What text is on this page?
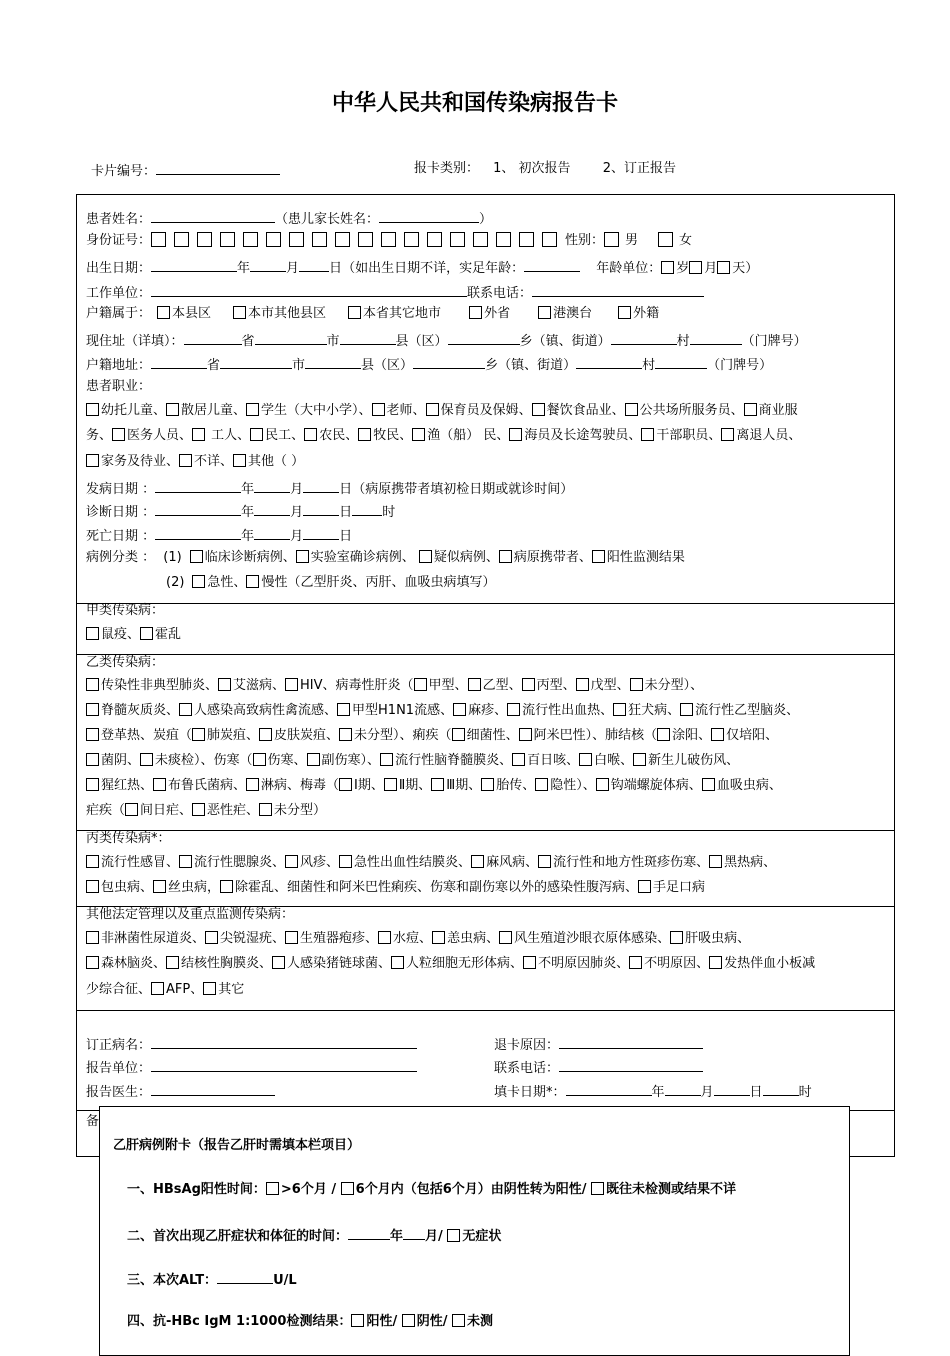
中华人民共和国传染病报告卡
卡片编号：	报卡类别： 1、 初次报告 2、订正报告
患者姓名：	（患儿家长姓名：	）
身份证号：	性别： 男	女
出生日期：	年	月 日（如出生日期不详，实足年龄：	年龄单位： 岁 月 天）
工作单位：	联系电话：
户籍属于： 本县区	本市其他县区	本省其它地市	外省	港澳台	外籍
现住址（详填）：	省	市	县（区）	乡（镇、街道）	村	（门牌号）
户籍地址：	省	市	县（区）	乡（镇、街道）	村	（门牌号）
患者职业：
幼托儿童、 散居儿童、 学生（大中小学）、 老师、 保育员及保姆、 餐饮食品业、 公共场所服务员、 商业服
务、 医务人员、 工人、 民工、 农民、 牧民、 渔（船） 民、 海员及长途驾驶员、 干部职员、 离退人员、
家务及待业、 不详、 其他（ ）
发病日期 ：	年	月	日（病原携带者填初检日期或就诊时间）
诊断日期 ：	年	月	日 时
死亡日期 ：	年	月	日
病例分类 ： (1) 临床诊断病例、 实验室确诊病例、 疑似病例、 病原携带者、 阳性监测结果
(2) 急性、 慢性（乙型肝炎、丙肝、血吸虫病填写）
甲类传染病：
鼠疫、 霍乱
乙类传染病：
传染性非典型肺炎、 艾滋病、 HIV、病毒性肝炎（ 甲型、 乙型、 丙型、 戊型、 未分型）、
脊髓灰质炎、 人感染高致病性禽流感、 甲型H1N1流感、 麻疹、 流行性出血热、 狂犬病、 流行性乙型脑炎、
登革热、炭疽（ 肺炭疽、 皮肤炭疽、 未分型）、痢疾（ 细菌性、 阿米巴性）、肺结核（ 涂阳、 仅培阳、
菌阴、 未痰检）、伤寒（ 伤寒、 副伤寒）、 流行性脑脊髓膜炎、 百日咳、 白喉、 新生儿破伤风、
猩红热、 布鲁氏菌病、 淋病、梅毒（ Ⅰ期、 Ⅱ期、 Ⅲ期、 胎传、 隐性）、 钩端螺旋体病、 血吸虫病、
疟疾（ 间日疟、 恶性疟、 未分型）
丙类传染病*：
流行性感冒、 流行性腮腺炎、 风疹、 急性出血性结膜炎、 麻风病、 流行性和地方性斑疹伤寒、 黑热病、
包虫病、 丝虫病， 除霍乱、细菌性和阿米巴性痢疾、伤寒和副伤寒以外的感染性腹泻病、 手足口病
其他法定管理以及重点监测传染病：
非淋菌性尿道炎、 尖锐湿疣、 生殖器疱疹、 水痘、 恙虫病、 风生殖道沙眼衣原体感染、 肝吸虫病、
森林脑炎、 结核性胸膜炎、 人感染猪链球菌、 人粒细胞无形体病、 不明原因肺炎、 不明原因、 发热伴血小板减
少综合征、 AFP、 其它
订正病名：	退卡原因：
报告单位：	联系电话：
报告医生：	填卡日期*：	年	月	日	时
备
乙肝病例附卡（报告乙肝时需填本栏项目）
一、HBsAg阳性时间： >6个月 / 6个月内（包括6个月）由阴性转为阳性/ 既往未检测或结果不详
二、首次出现乙肝症状和体征的时间：	年 月/ 无症状
三、本次ALT：	U/L
四、抗-HBc IgM 1:1000检测结果： 阳性/ 阴性/ 未测
